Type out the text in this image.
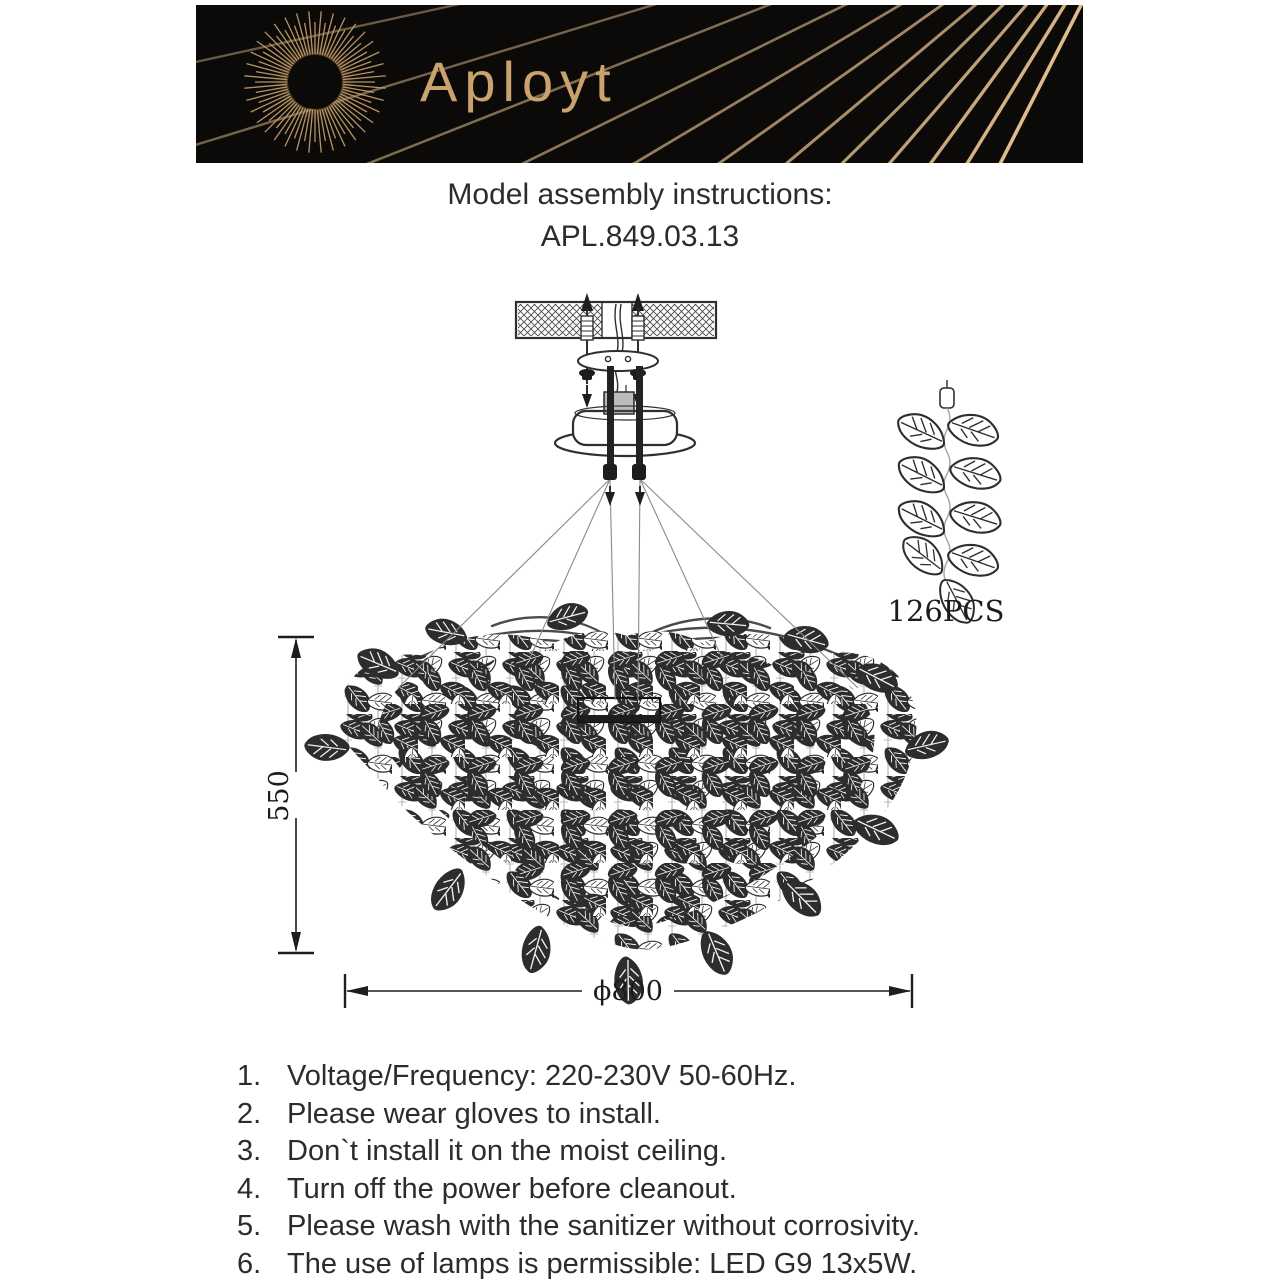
Aployt
Model assembly instructions:
APL.849.03.13
550
ϕ800
126PCS
1. Voltage/Frequency: 220-230V 50-60Hz.
2. Please wear gloves to install.
3. Don`t install it on the moist ceiling.
4. Turn off the power before cleanout.
5. Please wash with the sanitizer without corrosivity.
6. The use of lamps is permissible: LED G9 13x5W.
